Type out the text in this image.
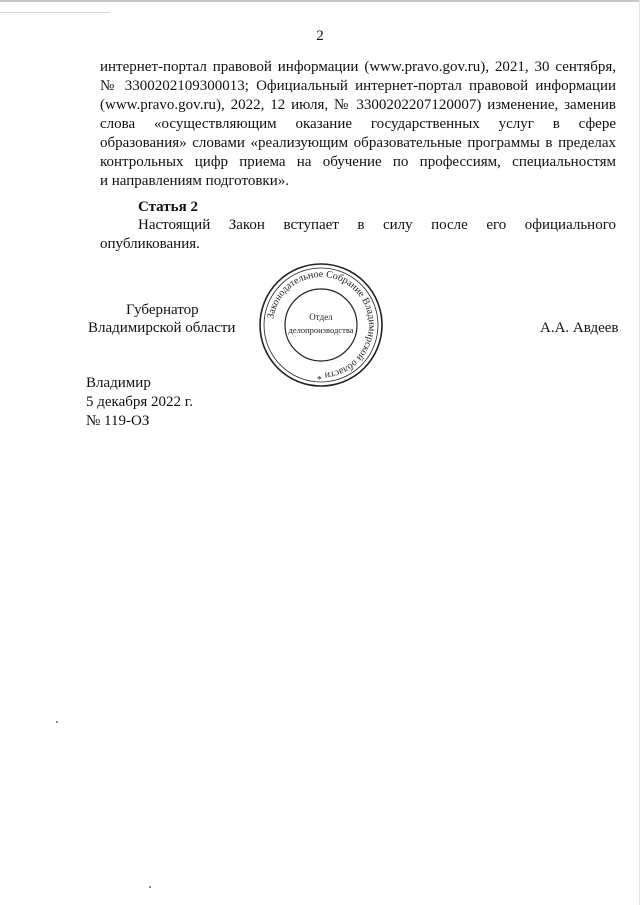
2
интернет-портал правовой информации (www.pravo.gov.ru), 2021, 30 сентября,
№ 3300202109300013; Официальный интернет-портал правовой информации
(www.pravo.gov.ru), 2022, 12 июля, № 3300202207120007) изменение, заменив
слова «осуществляющим оказание государственных услуг в сфере
образования» словами «реализующим образовательные программы в пределах
контрольных цифр приема на обучение по профессиям, специальностям
и направлениям подготовки».
Статья 2
Настоящий Закон вступает в силу после его официального
опубликования.
Губернатор
Владимирской области	А.А. Авдеев
Законодательное Собрание Владимирской области *
Отдел
делопроизводства
Владимир
5 декабря 2022 г.
№ 119-ОЗ
